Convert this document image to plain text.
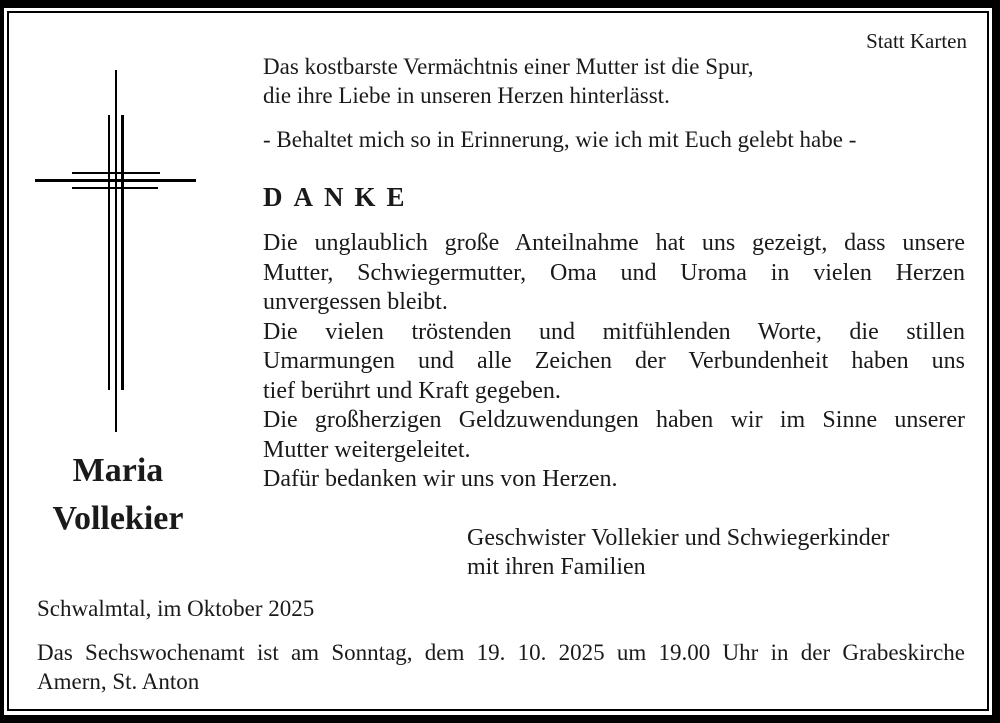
Statt Karten
Maria
Vollekier
Das kostbarste Vermächtnis einer Mutter ist die Spur,
die ihre Liebe in unseren Herzen hinterlässt.
- Behaltet mich so in Erinnerung, wie ich mit Euch gelebt habe -
DANKE
Die unglaublich große Anteilnahme hat uns gezeigt, dass unsere
Mutter, Schwiegermutter, Oma und Uroma in vielen Herzen
unvergessen bleibt.
Die vielen tröstenden und mitfühlenden Worte, die stillen
Umarmungen und alle Zeichen der Verbundenheit haben uns
tief berührt und Kraft gegeben.
Die großherzigen Geldzuwendungen haben wir im Sinne unserer
Mutter weitergeleitet.
Dafür bedanken wir uns von Herzen.
Geschwister Vollekier und Schwiegerkinder
mit ihren Familien
Schwalmtal, im Oktober 2025
Das Sechswochenamt ist am Sonntag, dem 19. 10. 2025 um 19.00 Uhr in der Grabeskirche
Amern, St. Anton
